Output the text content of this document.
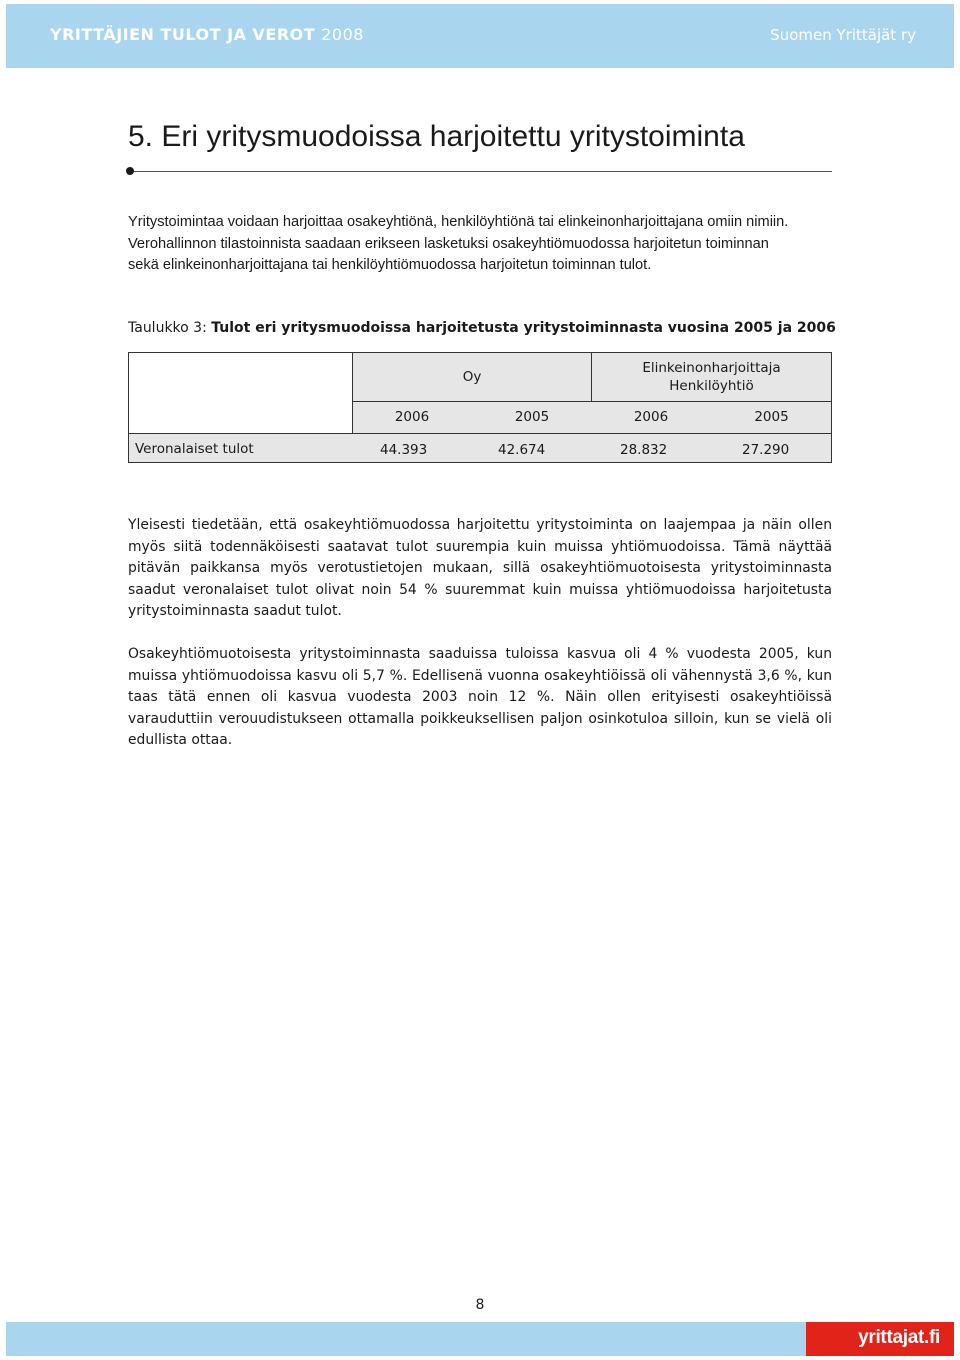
YRITTÄJIEN TULOT JA VEROT 2008	Suomen Yrittäjät ry
5. Eri yritysmuodoissa harjoitettu yritystoiminta
Yritystoimintaa voidaan harjoittaa osakeyhtiönä, henkilöyhtiönä tai elinkeinonharjoittajana omiin nimiin.
Verohallinnon tilastoinnista saadaan erikseen lasketuksi osakeyhtiömuodossa harjoitetun toiminnan
sekä elinkeinonharjoittajana tai henkilöyhtiömuodossa harjoitetun toiminnan tulot.

Taulukko 3: Tulot eri yritysmuodoissa harjoitetusta yritystoiminnasta vuosina 2005 ja 2006

Oy
Elinkeinonharjoittaja
Henkilöyhtiö
2006	2005	2006	2005
Veronalaiset tulot	44.393	42.674	28.832	27.290

Yleisesti tiedetään, että osakeyhtiömuodossa harjoitettu yritystoiminta on laajempaa ja näin ollen myös siitä todennäköisesti saatavat tulot suurempia kuin muissa yhtiömuodoissa. Tämä näyttää pitävän paikkansa myös verotustietojen mukaan, sillä osakeyhtiömuotoisesta yritystoiminnasta saadut veronalaiset tulot olivat noin 54 % suuremmat kuin muissa yhtiömuodoissa harjoitetusta yritystoiminnasta saadut tulot.

Osakeyhtiömuotoisesta yritystoiminnasta saaduissa tuloissa kasvua oli 4 % vuodesta 2005, kun muissa yhtiömuodoissa kasvu oli 5,7 %. Edellisenä vuonna osakeyhtiöissä oli vähennystä 3,6 %, kun taas tätä ennen oli kasvua vuodesta 2003 noin 12 %. Näin ollen erityisesti osakeyhtiöissä varauduttiin verouudistukseen ottamalla poikkeuksellisen paljon osinkotuloa silloin, kun se vielä oli edullista ottaa.

8
yrittajat.fi
